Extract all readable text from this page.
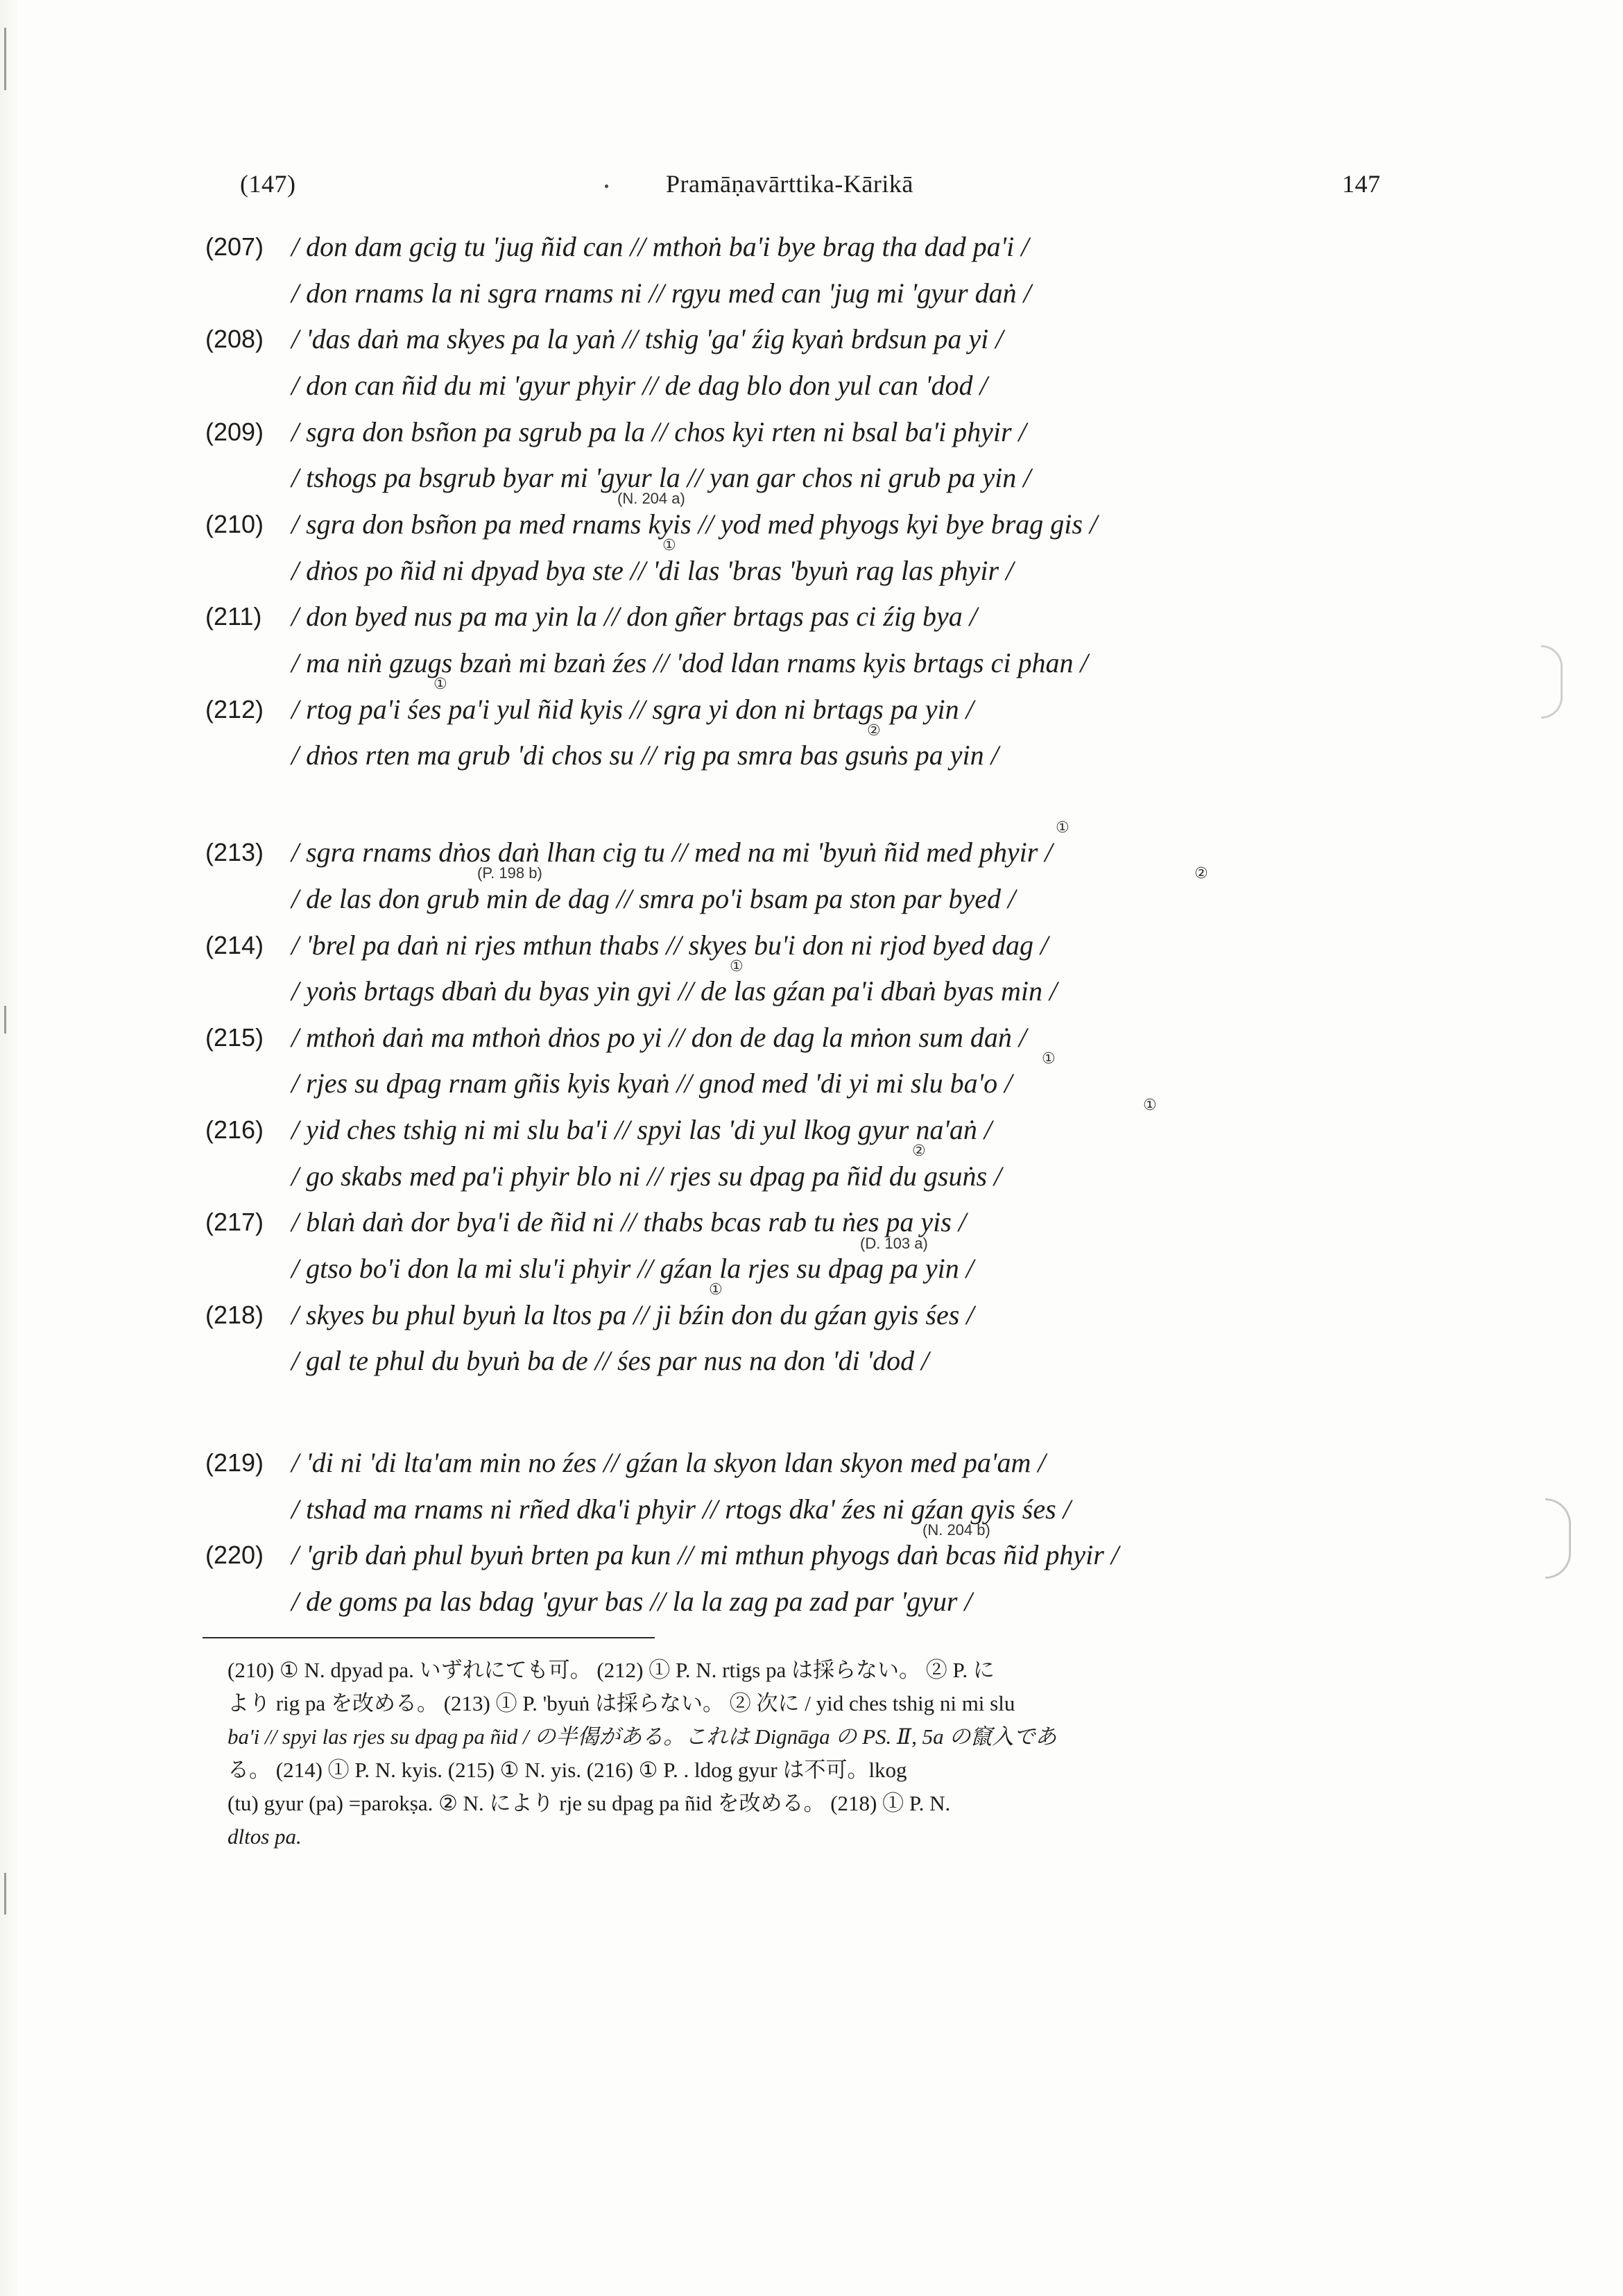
(147)	Pramāṇavārttika-Kārikā	147
(207) / don dam gcig tu 'jug ñid can // mthoṅ ba'i bye brag tha dad pa'i /
/ don rnams la ni sgra rnams ni // rgyu med can 'jug mi 'gyur daṅ /
(208) / 'das daṅ ma skyes pa la yaṅ // tshig 'ga' źig kyaṅ brdsun pa yi /
/ don can ñid du mi 'gyur phyir // de dag blo don yul can 'dod /
(209) / sgra don bsñon pa sgrub pa la // chos kyi rten ni bsal ba'i phyir /
/ tshogs pa bsgrub byar mi 'gyur la // yan gar chos ni grub pa yin /
(N. 204 a)
(210) / sgra don bsñon pa med rnams kyis // yod med phyogs kyi bye brag gis /
①
/ dṅos po ñid ni dpyad bya ste // 'di las 'bras 'byuṅ rag las phyir /
(211) / don byed nus pa ma yin la // don gñer brtags pas ci źig bya /
/ ma niṅ gzugs bzaṅ mi bzaṅ źes // 'dod ldan rnams kyis brtags ci phan /
①
(212) / rtog pa'i śes pa'i yul ñid kyis // sgra yi don ni brtags pa yin /
②
/ dṅos rten ma grub 'di chos su // rig pa smra bas gsuṅs pa yin /
①
(213) / sgra rnams dṅos daṅ lhan cig tu // med na mi 'byuṅ ñid med phyir /
(P. 198 b)	②
/ de las don grub min de dag // smra po'i bsam pa ston par byed /
(214) / 'brel pa daṅ ni rjes mthun thabs // skyes bu'i don ni rjod byed dag /
①
/ yoṅs brtags dbaṅ du byas yin gyi // de las gźan pa'i dbaṅ byas min /
(215) / mthoṅ daṅ ma mthoṅ dṅos po yi // don de dag la mṅon sum daṅ /
①
/ rjes su dpag rnam gñis kyis kyaṅ // gnod med 'di yi mi slu ba'o /
①
(216) / yid ches tshig ni mi slu ba'i // spyi las 'di yul lkog gyur na'aṅ /
②
/ go skabs med pa'i phyir blo ni // rjes su dpag pa ñid du gsuṅs /
(217) / blaṅ daṅ dor bya'i de ñid ni // thabs bcas rab tu ṅes pa yis /
(D. 103 a)
/ gtso bo'i don la mi slu'i phyir // gźan la rjes su dpag pa yin /
①
(218) / skyes bu phul byuṅ la ltos pa // ji bźin don du gźan gyis śes /
/ gal te phul du byuṅ ba de // śes par nus na don 'di 'dod /
(219) / 'di ni 'di lta'am min no źes // gźan la skyon ldan skyon med pa'am /
/ tshad ma rnams ni rñed dka'i phyir // rtogs dka' źes ni gźan gyis śes /
(N. 204 b)
(220) / 'grib daṅ phul byuṅ brten pa kun // mi mthun phyogs daṅ bcas ñid phyir /
/ de goms pa las bdag 'gyur bas // la la zag pa zad par 'gyur /
(210) ① N. dpyad pa. いずれにても可。 (212) ① P. N. rtigs pa は採らない。 ② P. に
より rig pa を改める。 (213) ① P. 'byuṅ は採らない。 ② 次に / yid ches tshig ni mi slu
ba'i // spyi las rjes su dpag pa ñid / の半偈がある。これは Dignāga の PS. Ⅱ, 5a の竄入であ
る。 (214) ① P. N. kyis. (215) ① N. yis. (216) ① P. . ldog gyur は不可。lkog
(tu) gyur (pa) =parokṣa. ② N. により rje su dpag pa ñid を改める。 (218) ① P. N.
dltos pa.
